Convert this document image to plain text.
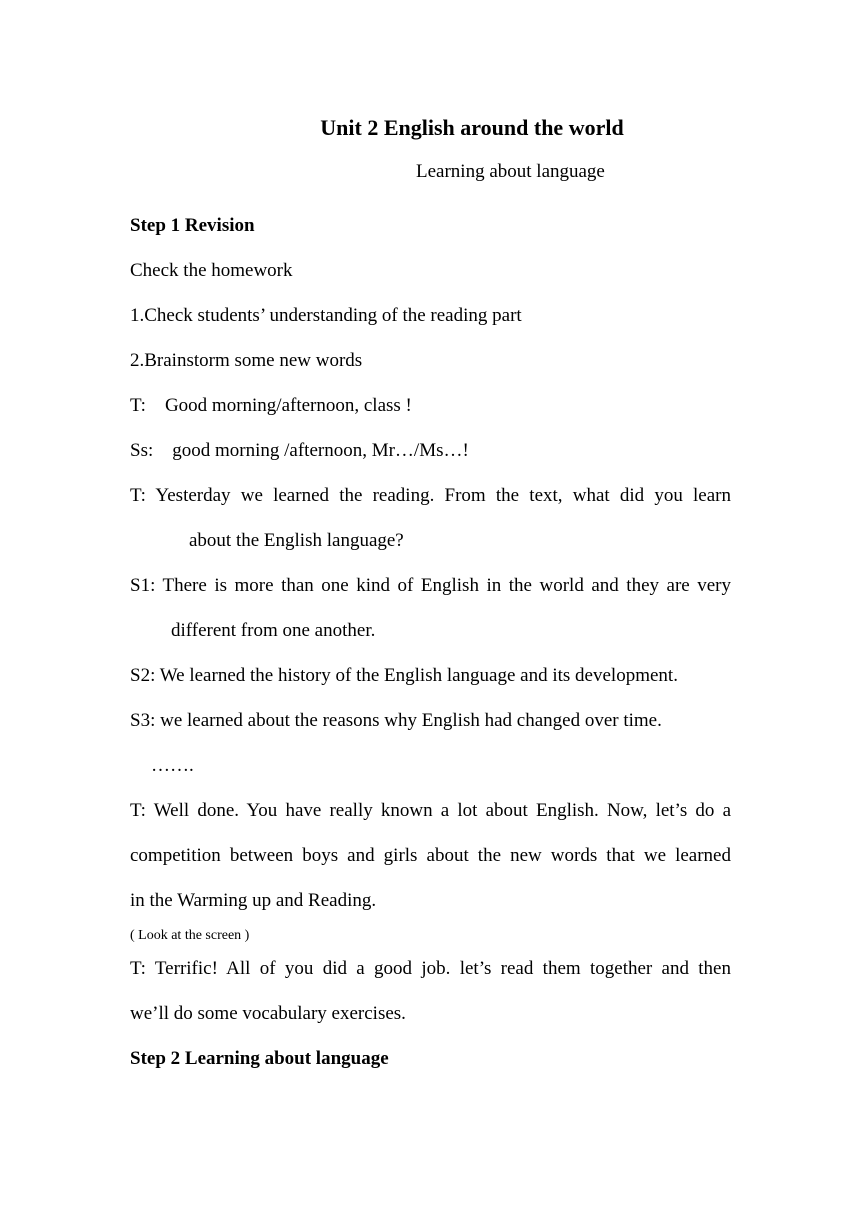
Unit 2 English around the world
Learning about language
Step 1 Revision
Check the homework
1.Check students’ understanding of the reading part
2.Brainstorm some new words
T:    Good morning/afternoon, class !
Ss:    good morning /afternoon, Mr…/Ms…!
T: Yesterday we learned the reading. From the text, what did you learn
about the English language?
S1: There is more than one kind of English in the world and they are very
different from one another.
S2: We learned the history of the English language and its development.
S3: we learned about the reasons why English had changed over time.
…….
T: Well done. You have really known a lot about English. Now, let’s do a
competition between boys and girls about the new words that we learned
in the Warming up and Reading.
( Look at the screen )
T: Terrific! All of you did a good job. let’s read them together and then
we’ll do some vocabulary exercises.
Step 2 Learning about language
